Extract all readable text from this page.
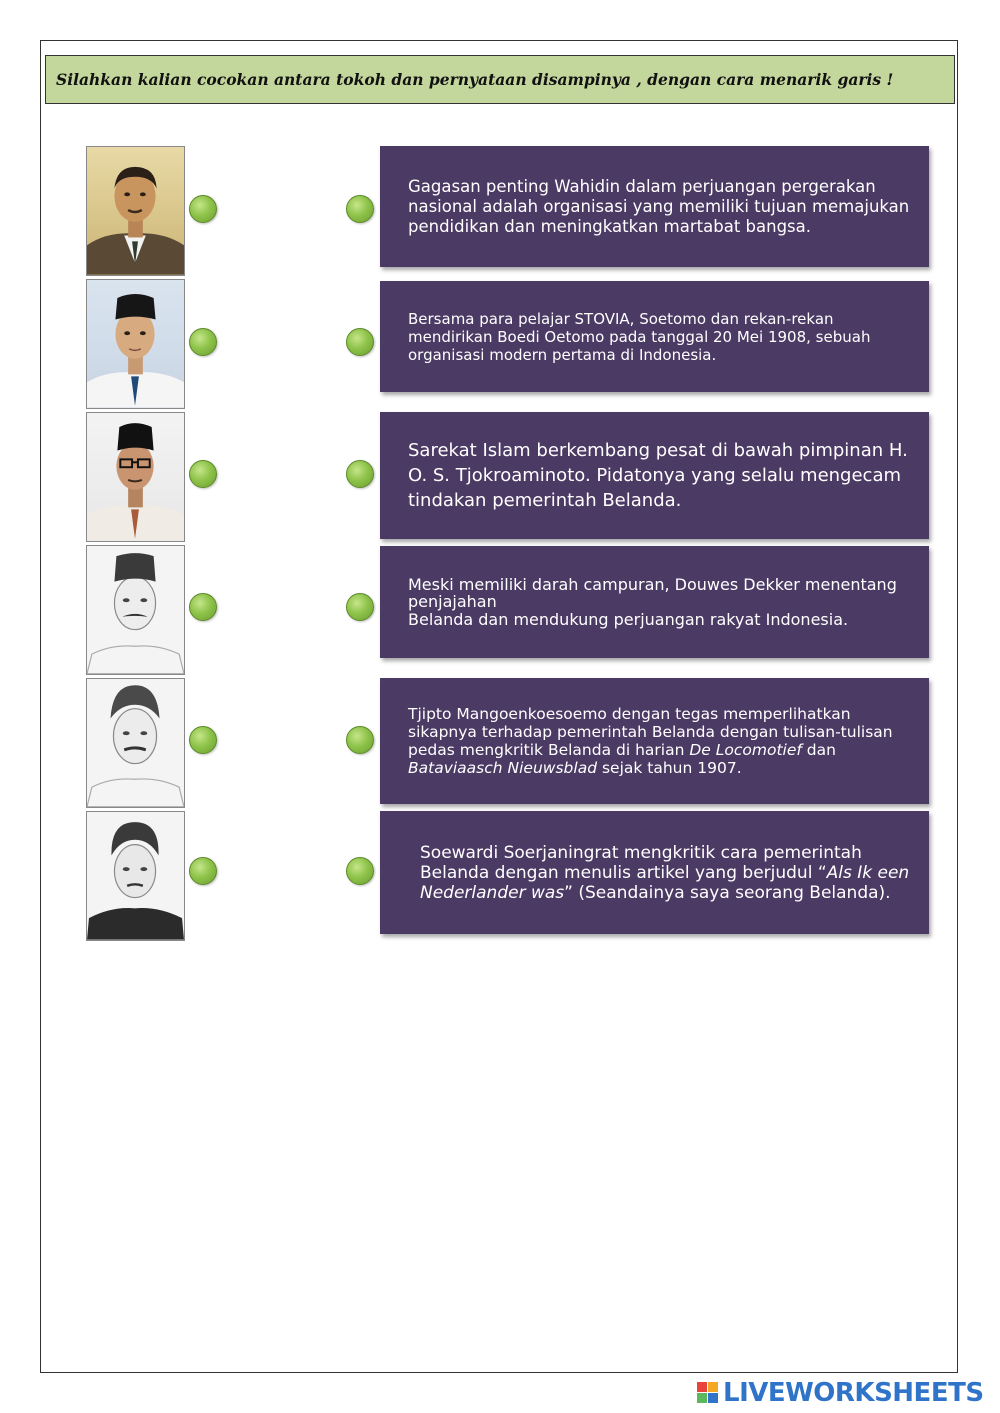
Silahkan kalian cocokan antara tokoh dan pernyataan disampinya , dengan cara menarik garis !

Gagasan penting Wahidin dalam perjuangan pergerakan nasional adalah organisasi yang memiliki tujuan memajukan pendidikan dan meningkatkan martabat bangsa.

Bersama para pelajar STOVIA, Soetomo dan rekan-rekan mendirikan Boedi Oetomo pada tanggal 20 Mei 1908, sebuah organisasi modern pertama di Indonesia.

Sarekat Islam berkembang pesat di bawah pimpinan H. O. S. Tjokroaminoto. Pidatonya yang selalu mengecam tindakan pemerintah Belanda.

Meski memiliki darah campuran, Douwes Dekker menentang penjajahan
Belanda dan mendukung perjuangan rakyat Indonesia.

Tjipto Mangoenkoesoemo dengan tegas memperlihatkan sikapnya terhadap pemerintah Belanda dengan tulisan-tulisan pedas mengkritik Belanda di harian De Locomotief dan Bataviaasch Nieuwsblad sejak tahun 1907.

Soewardi Soerjaningrat mengkritik cara pemerintah Belanda dengan menulis artikel yang berjudul “Als Ik een Nederlander was” (Seandainya saya seorang Belanda).

LIVEWORKSHEETS
